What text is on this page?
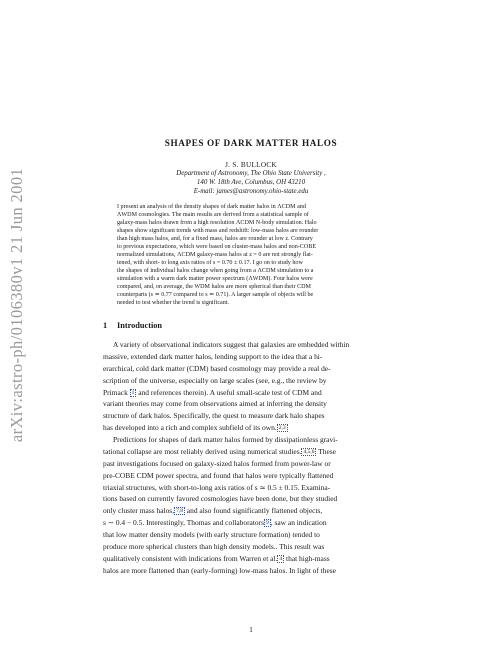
arXiv:astro-ph/0106380v1 21 Jun 2001
SHAPES OF DARK MATTER HALOS
J. S. BULLOCK
Department of Astronomy, The Ohio State University ,
140 W. 18th Ave, Columbus, OH 43210
E-mail: james@astronomy.ohio-state.edu
I present an analysis of the density shapes of dark matter halos in ΛCDM and
ΛWDM cosmologies. The main results are derived from a statistical sample of
galaxy-mass halos drawn from a high resolution ΛCDM N-body simulation. Halo
shapes show significant trends with mass and redshift: low-mass halos are rounder
than high mass halos, and, for a fixed mass, halos are rounder at low z. Contrary
to previous expectations, which were based on cluster-mass halos and non-COBE
normalized simulations, ΛCDM galaxy-mass halos at z = 0 are not strongly flat-
tened, with short- to long axis ratios of s = 0.70 ± 0.17. I go on to study how
the shapes of individual halos change when going from a ΛCDM simulation to a
simulation with a warm dark matter power spectrum (ΛWDM). Four halos were
compared, and, on average, the WDM halos are more spherical than their CDM
counterparts (s ≃ 0.77 compared to s ≃ 0.71). A larger sample of objects will be
needed to test whether the trend is significant.
1 Introduction
A variety of observational indicators suggest that galaxies are embedded within
massive, extended dark matter halos, lending support to the idea that a hi-
erarchical, cold dark matter (CDM) based cosmology may provide a real de-
scription of the universe, especially on large scales (see, e.g., the review by
Primack 1 and references therein). A useful small-scale test of CDM and
variant theories may come from observations aimed at inferring the density
structure of dark halos. Specifically, the quest to measure dark halo shapes
has developed into a rich and complex subfield of its own. 2,3
Predictions for shapes of dark matter halos formed by dissipationless gravi-
tational collapse are most reliably derived using numerical studies. 4,5,6 These
past investigations focused on galaxy-sized halos formed from power-law or
pre-COBE CDM power spectra, and found that halos were typically flattened
triaxial structures, with short-to-long axis ratios of s ≃ 0.5 ± 0.15. Examina-
tions based on currently favored cosmologies have been done, but they studied
only cluster mass halos, 7,8 and also found significantly flattened objects,
s ∼ 0.4 − 0.5. Interestingly, Thomas and collaborators 9 , saw an indication
that low matter density models (with early structure formation) tended to
produce more spherical clusters than high density models.. This result was
qualitatively consistent with indications from Warren et al. 4 that high-mass
halos are more flattened than (early-forming) low-mass halos. In light of these
1
